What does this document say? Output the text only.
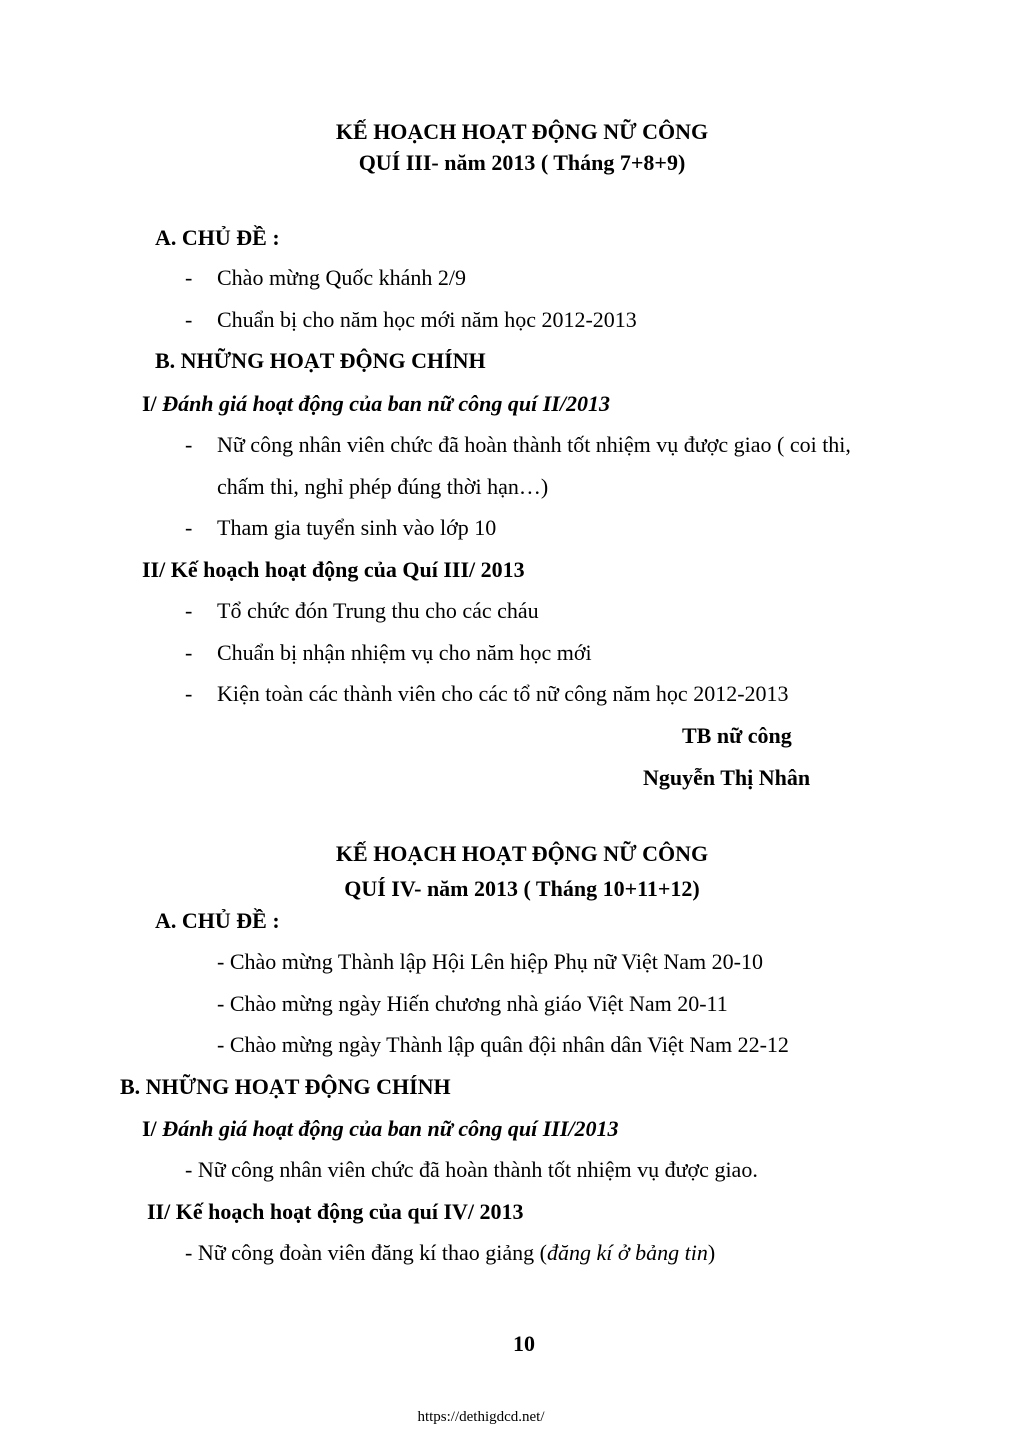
KẾ HOẠCH HOẠT ĐỘNG NỮ CÔNG
QUÍ III- năm 2013 ( Tháng 7+8+9)
A. CHỦ ĐỀ :
- Chào mừng Quốc khánh 2/9
- Chuẩn bị cho năm học mới năm học 2012-2013
B. NHỮNG HOẠT ĐỘNG CHÍNH
I/ Đánh giá hoạt động của ban nữ công quí II/2013
- Nữ công nhân viên chức đã hoàn thành tốt nhiệm vụ được giao ( coi thi,
chấm thi, nghỉ phép đúng thời hạn…)
- Tham gia tuyển sinh vào lớp 10
II/ Kế hoạch hoạt động của Quí III/ 2013
- Tổ chức đón Trung thu cho các cháu
- Chuẩn bị nhận nhiệm vụ cho năm học mới
- Kiện toàn các thành viên cho các tổ nữ công năm học 2012-2013
TB nữ công
Nguyễn Thị Nhân
KẾ HOẠCH HOẠT ĐỘNG NỮ CÔNG
QUÍ IV- năm 2013 ( Tháng 10+11+12)
A. CHỦ ĐỀ :
- Chào mừng Thành lập Hội Lên hiệp Phụ nữ Việt Nam 20-10
- Chào mừng ngày Hiến chương nhà giáo Việt Nam 20-11
- Chào mừng ngày Thành lập quân đội nhân dân Việt Nam 22-12
B. NHỮNG HOẠT ĐỘNG CHÍNH
I/ Đánh giá hoạt động của ban nữ công quí III/2013
- Nữ công nhân viên chức đã hoàn thành tốt nhiệm vụ được giao.
II/ Kế hoạch hoạt động của quí IV/ 2013
- Nữ công đoàn viên đăng kí thao giảng (đăng kí ở bảng tin)
10
https://dethigdcd.net/
